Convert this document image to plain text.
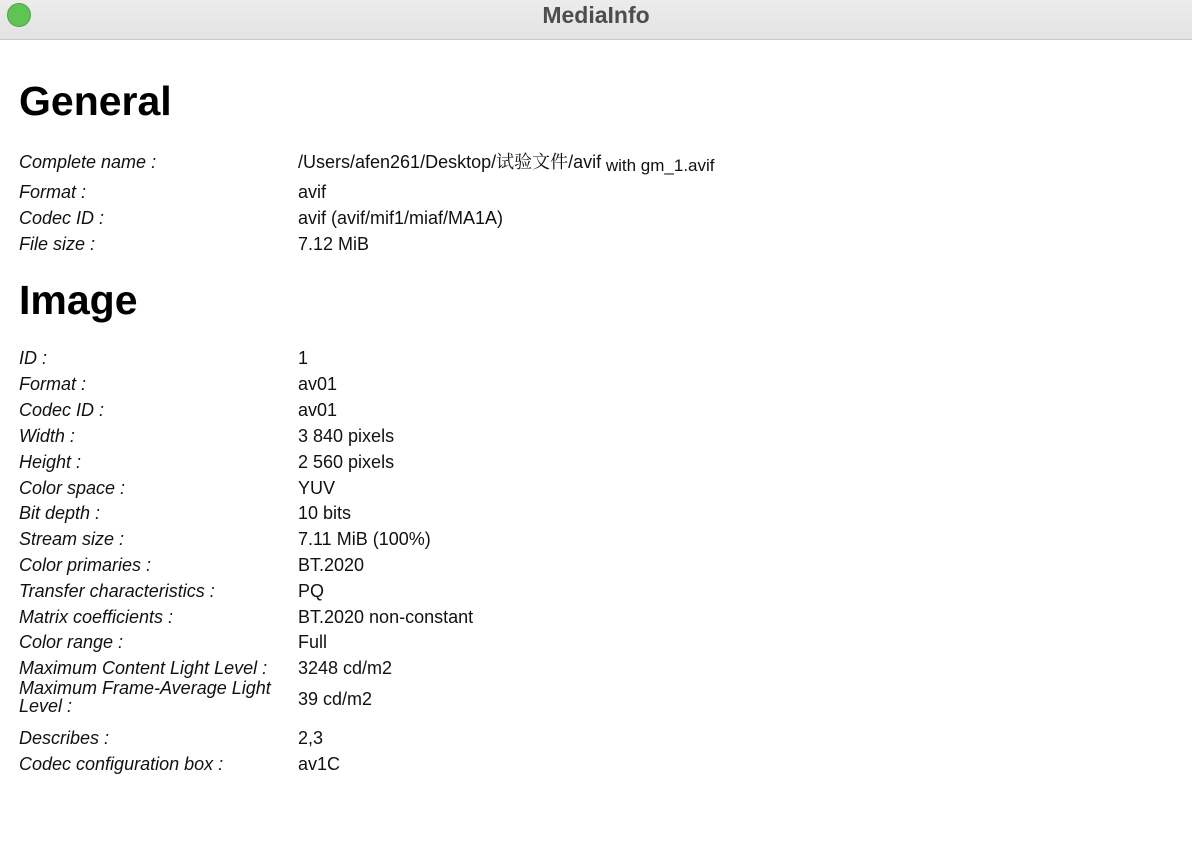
MediaInfo
General
Complete name :	/Users/afen261/Desktop/试验文件/avif with gm_1.avif
Format :	avif
Codec ID :	avif (avif/mif1/miaf/MA1A)
File size :	7.12 MiB
Image
ID :	1
Format :	av01
Codec ID :	av01
Width :	3 840 pixels
Height :	2 560 pixels
Color space :	YUV
Bit depth :	10 bits
Stream size :	7.11 MiB (100%)
Color primaries :	BT.2020
Transfer characteristics :	PQ
Matrix coefficients :	BT.2020 non-constant
Color range :	Full
Maximum Content Light Level :	3248 cd/m2
Maximum Frame-Average Light Level :	39 cd/m2
Describes :	2,3
Codec configuration box :	av1C
